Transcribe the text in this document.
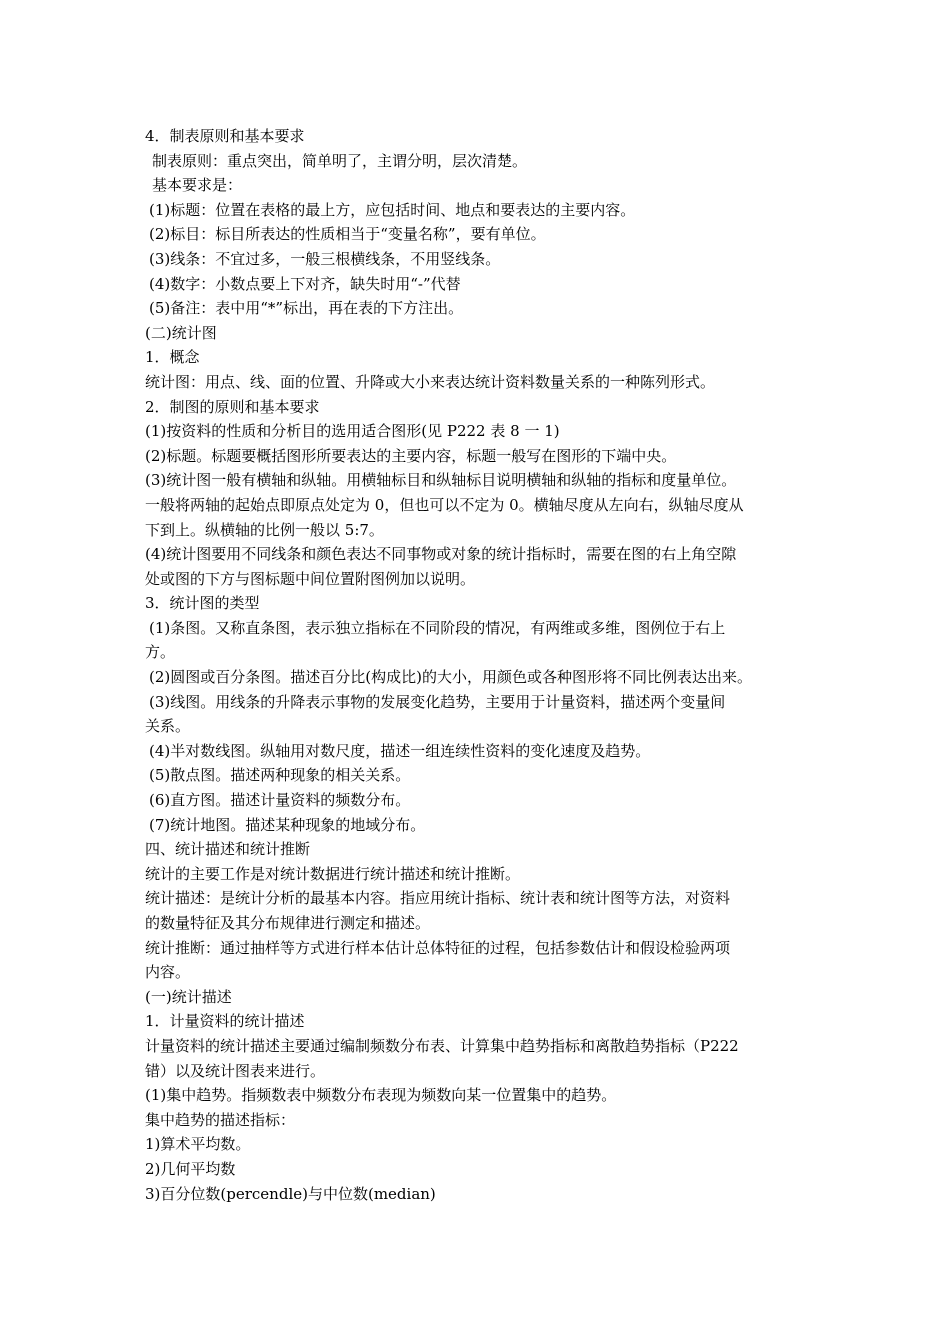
4．制表原则和基本要求
制表原则：重点突出，简单明了，主谓分明，层次清楚。
基本要求是：
(1)标题：位置在表格的最上方，应包括时间、地点和要表达的主要内容。
(2)标目：标目所表达的性质相当于“变量名称”，要有单位。
(3)线条：不宜过多，一般三根横线条，不用竖线条。
(4)数字：小数点要上下对齐，缺失时用“-”代替
(5)备注：表中用“*”标出，再在表的下方注出。
(二)统计图
1．概念
统计图：用点、线、面的位置、升降或大小来表达统计资料数量关系的一种陈列形式。
2．制图的原则和基本要求
(1)按资料的性质和分析目的选用适合图形(见 P222 表 8 一 1)
(2)标题。标题要概括图形所要表达的主要内容，标题一般写在图形的下端中央。
(3)统计图一般有横轴和纵轴。用横轴标目和纵轴标目说明横轴和纵轴的指标和度量单位。
一般将两轴的起始点即原点处定为 0，但也可以不定为 0。横轴尽度从左向右，纵轴尽度从
下到上。纵横轴的比例一般以 5:7。
(4)统计图要用不同线条和颜色表达不同事物或对象的统计指标时，需要在图的右上角空隙
处或图的下方与图标题中间位置附图例加以说明。
3．统计图的类型
(1)条图。又称直条图，表示独立指标在不同阶段的情况，有两维或多维，图例位于右上
方。
(2)圆图或百分条图。描述百分比(构成比)的大小，用颜色或各种图形将不同比例表达出来。
(3)线图。用线条的升降表示事物的发展变化趋势，主要用于计量资料，描述两个变量间
关系。
(4)半对数线图。纵轴用对数尺度，描述一组连续性资料的变化速度及趋势。
(5)散点图。描述两种现象的相关关系。
(6)直方图。描述计量资料的频数分布。
(7)统计地图。描述某种现象的地域分布。
四、统计描述和统计推断
统计的主要工作是对统计数据进行统计描述和统计推断。
统计描述：是统计分析的最基本内容。指应用统计指标、统计表和统计图等方法，对资料
的数量特征及其分布规律进行测定和描述。
统计推断：通过抽样等方式进行样本估计总体特征的过程，包括参数估计和假设检验两项
内容。
(一)统计描述
1．计量资料的统计描述
计量资料的统计描述主要通过编制频数分布表、计算集中趋势指标和离散趋势指标（P222
错）以及统计图表来进行。
(1)集中趋势。指频数表中频数分布表现为频数向某一位置集中的趋势。
集中趋势的描述指标：
1)算术平均数。
2)几何平均数
3)百分位数(percendle)与中位数(median)
